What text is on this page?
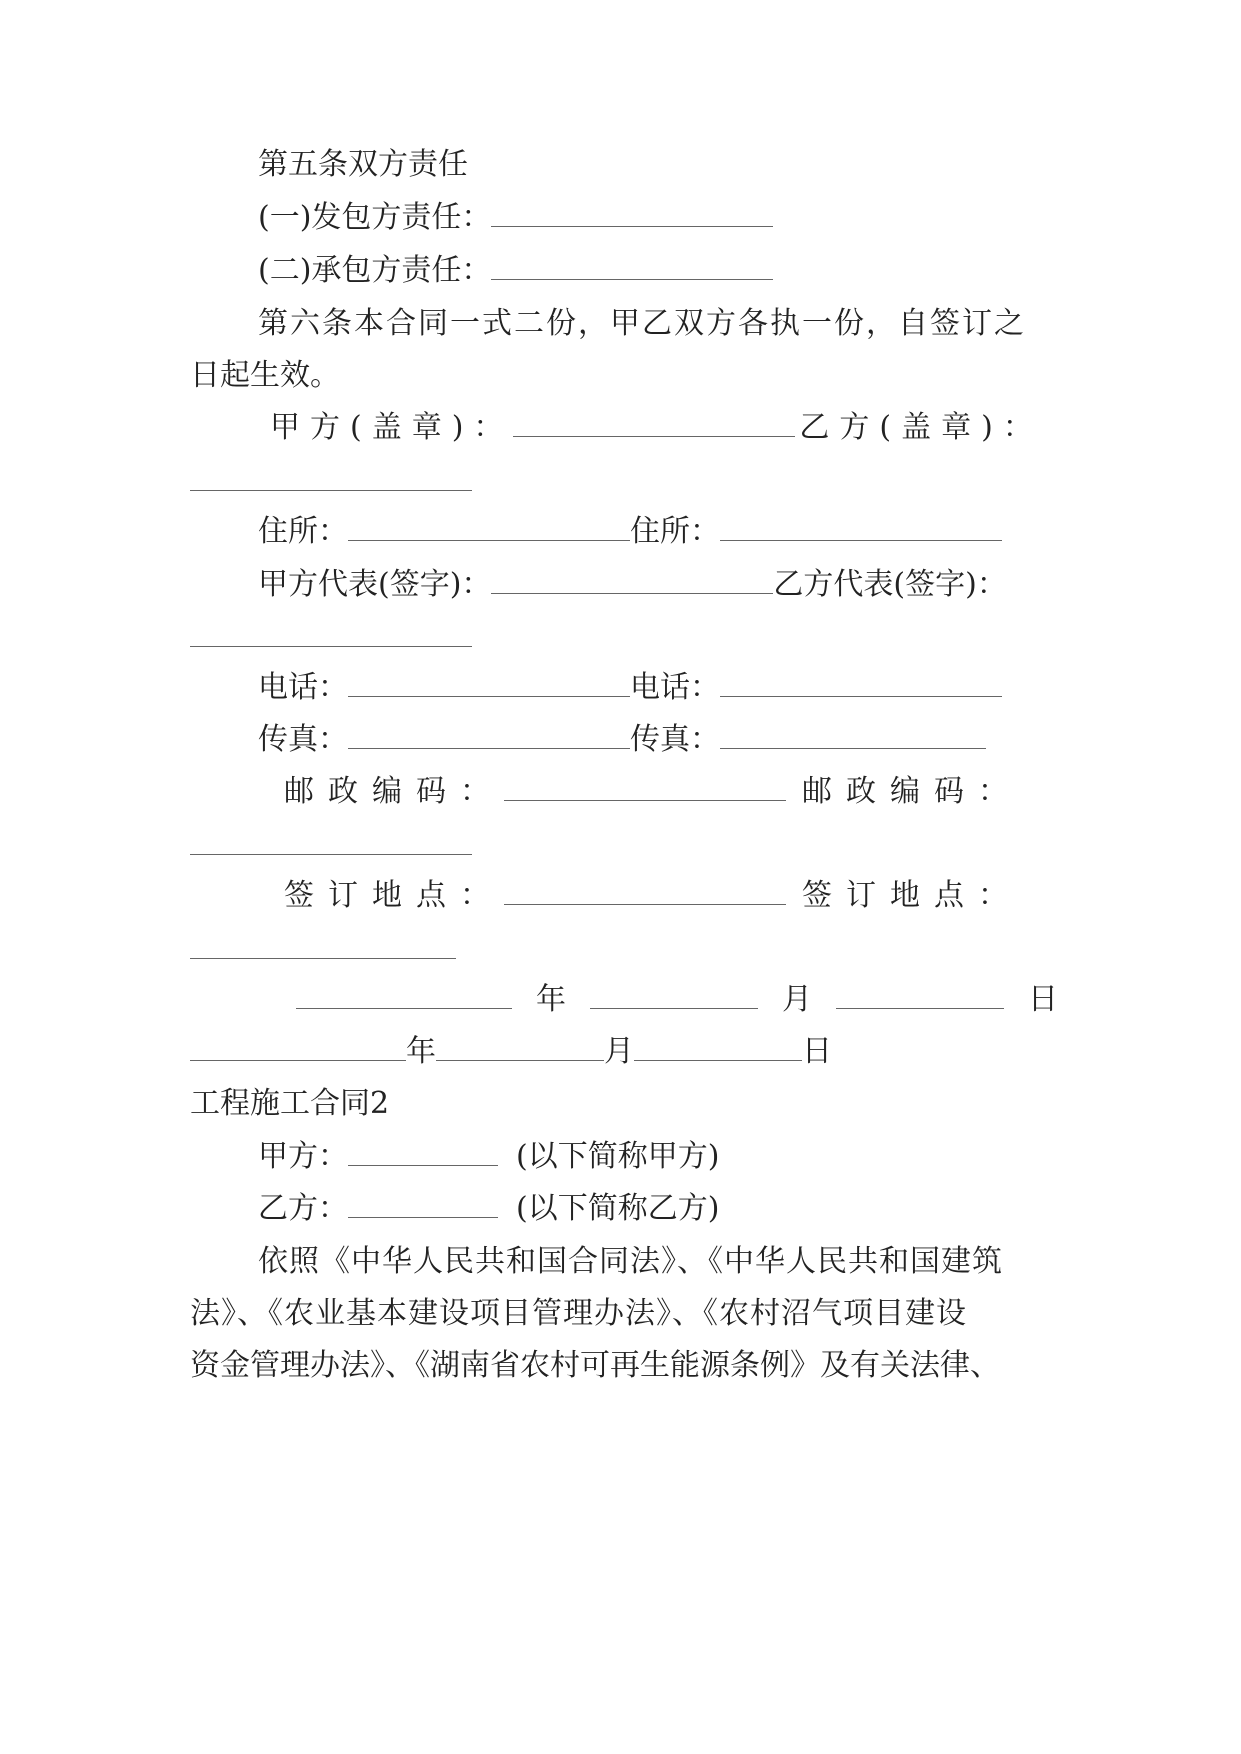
第五条双方责任
(一)发包方责任：
(二)承包方责任：
第六条本合同一式二份，甲乙双方各执一份，自签订之
日起生效。
甲方(盖章)：	乙方(盖章)：
住所：	住所：
甲方代表(签字)：	乙方代表(签字)：
电话：	电话：
传真：	传真：
邮政编码：	邮政编码：
签订地点：	签订地点：
年	月	日
年	月	日
工程施工合同2
甲方：	(以下简称甲方)
乙方：	(以下简称乙方)
依照《中华人民共和国合同法》、《中华人民共和国建筑
法》、《农业基本建设项目管理办法》、《农村沼气项目建设
资金管理办法》、《湖南省农村可再生能源条例》及有关法律、
